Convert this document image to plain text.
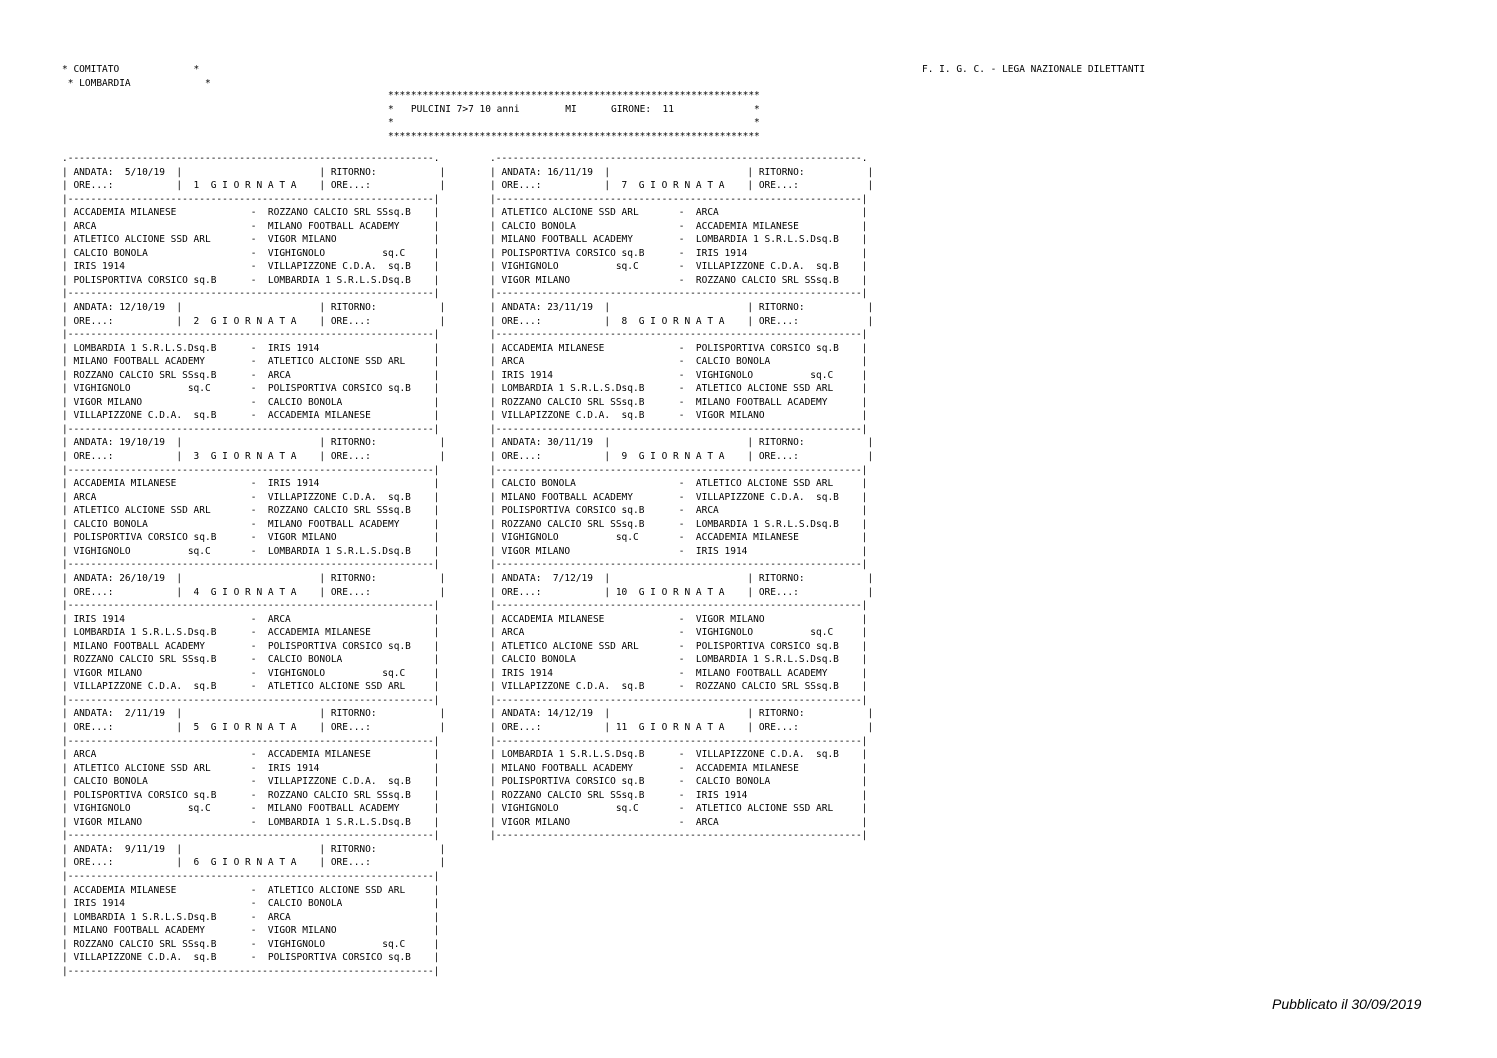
* COMITATO             *
* LOMBARDIA             *
F. I. G. C. - LEGA NAZIONALE DILETTANTI
*****************************************************************
*   PULCINI 7>7 10 anni        MI      GIRONE:  11              *
*                                                               *
*****************************************************************
.----------------------------------------------------------------.
| ANDATA:  5/10/19  |                        | RITORNO:           |
| ORE...:           |  1  G I O R N A T A    | ORE...:            |
|----------------------------------------------------------------|
| ACCADEMIA MILANESE             -  ROZZANO CALCIO SRL SSsq.B    |
| ARCA                           -  MILANO FOOTBALL ACADEMY      |
| ATLETICO ALCIONE SSD ARL       -  VIGOR MILANO                 |
| CALCIO BONOLA                  -  VIGHIGNOLO          sq.C     |
| IRIS 1914                      -  VILLAPIZZONE C.D.A.  sq.B    |
| POLISPORTIVA CORSICO sq.B      -  LOMBARDIA 1 S.R.L.S.Dsq.B    |
|----------------------------------------------------------------|
| ANDATA: 12/10/19  |                        | RITORNO:           |
| ORE...:           |  2  G I O R N A T A    | ORE...:            |
|----------------------------------------------------------------|
| LOMBARDIA 1 S.R.L.S.Dsq.B      -  IRIS 1914                    |
| MILANO FOOTBALL ACADEMY        -  ATLETICO ALCIONE SSD ARL     |
| ROZZANO CALCIO SRL SSsq.B      -  ARCA                         |
| VIGHIGNOLO          sq.C       -  POLISPORTIVA CORSICO sq.B    |
| VIGOR MILANO                   -  CALCIO BONOLA                |
| VILLAPIZZONE C.D.A.  sq.B      -  ACCADEMIA MILANESE           |
|----------------------------------------------------------------|
| ANDATA: 19/10/19  |                        | RITORNO:           |
| ORE...:           |  3  G I O R N A T A    | ORE...:            |
|----------------------------------------------------------------|
| ACCADEMIA MILANESE             -  IRIS 1914                    |
| ARCA                           -  VILLAPIZZONE C.D.A.  sq.B    |
| ATLETICO ALCIONE SSD ARL       -  ROZZANO CALCIO SRL SSsq.B    |
| CALCIO BONOLA                  -  MILANO FOOTBALL ACADEMY      |
| POLISPORTIVA CORSICO sq.B      -  VIGOR MILANO                 |
| VIGHIGNOLO          sq.C       -  LOMBARDIA 1 S.R.L.S.Dsq.B    |
|----------------------------------------------------------------|
| ANDATA: 26/10/19  |                        | RITORNO:           |
| ORE...:           |  4  G I O R N A T A    | ORE...:            |
|----------------------------------------------------------------|
| IRIS 1914                      -  ARCA                         |
| LOMBARDIA 1 S.R.L.S.Dsq.B      -  ACCADEMIA MILANESE           |
| MILANO FOOTBALL ACADEMY        -  POLISPORTIVA CORSICO sq.B    |
| ROZZANO CALCIO SRL SSsq.B      -  CALCIO BONOLA                |
| VIGOR MILANO                   -  VIGHIGNOLO          sq.C     |
| VILLAPIZZONE C.D.A.  sq.B      -  ATLETICO ALCIONE SSD ARL     |
|----------------------------------------------------------------|
| ANDATA:  2/11/19  |                        | RITORNO:           |
| ORE...:           |  5  G I O R N A T A    | ORE...:            |
|----------------------------------------------------------------|
| ARCA                           -  ACCADEMIA MILANESE           |
| ATLETICO ALCIONE SSD ARL       -  IRIS 1914                    |
| CALCIO BONOLA                  -  VILLAPIZZONE C.D.A.  sq.B    |
| POLISPORTIVA CORSICO sq.B      -  ROZZANO CALCIO SRL SSsq.B    |
| VIGHIGNOLO          sq.C       -  MILANO FOOTBALL ACADEMY      |
| VIGOR MILANO                   -  LOMBARDIA 1 S.R.L.S.Dsq.B    |
|----------------------------------------------------------------|
| ANDATA:  9/11/19  |                        | RITORNO:           |
| ORE...:           |  6  G I O R N A T A    | ORE...:            |
|----------------------------------------------------------------|
| ACCADEMIA MILANESE             -  ATLETICO ALCIONE SSD ARL     |
| IRIS 1914                      -  CALCIO BONOLA                |
| LOMBARDIA 1 S.R.L.S.Dsq.B      -  ARCA                         |
| MILANO FOOTBALL ACADEMY        -  VIGOR MILANO                 |
| ROZZANO CALCIO SRL SSsq.B      -  VIGHIGNOLO          sq.C     |
| VILLAPIZZONE C.D.A.  sq.B      -  POLISPORTIVA CORSICO sq.B    |
|----------------------------------------------------------------|
.----------------------------------------------------------------.
| ANDATA: 16/11/19  |                        | RITORNO:           |
| ORE...:           |  7  G I O R N A T A    | ORE...:            |
|----------------------------------------------------------------|
| ATLETICO ALCIONE SSD ARL       -  ARCA                         |
| CALCIO BONOLA                  -  ACCADEMIA MILANESE           |
| MILANO FOOTBALL ACADEMY        -  LOMBARDIA 1 S.R.L.S.Dsq.B    |
| POLISPORTIVA CORSICO sq.B      -  IRIS 1914                    |
| VIGHIGNOLO          sq.C       -  VILLAPIZZONE C.D.A.  sq.B    |
| VIGOR MILANO                   -  ROZZANO CALCIO SRL SSsq.B    |
|----------------------------------------------------------------|
| ANDATA: 23/11/19  |                        | RITORNO:           |
| ORE...:           |  8  G I O R N A T A    | ORE...:            |
|----------------------------------------------------------------|
| ACCADEMIA MILANESE             -  POLISPORTIVA CORSICO sq.B    |
| ARCA                           -  CALCIO BONOLA                |
| IRIS 1914                      -  VIGHIGNOLO          sq.C     |
| LOMBARDIA 1 S.R.L.S.Dsq.B      -  ATLETICO ALCIONE SSD ARL     |
| ROZZANO CALCIO SRL SSsq.B      -  MILANO FOOTBALL ACADEMY      |
| VILLAPIZZONE C.D.A.  sq.B      -  VIGOR MILANO                 |
|----------------------------------------------------------------|
| ANDATA: 30/11/19  |                        | RITORNO:           |
| ORE...:           |  9  G I O R N A T A    | ORE...:            |
|----------------------------------------------------------------|
| CALCIO BONOLA                  -  ATLETICO ALCIONE SSD ARL     |
| MILANO FOOTBALL ACADEMY        -  VILLAPIZZONE C.D.A.  sq.B    |
| POLISPORTIVA CORSICO sq.B      -  ARCA                         |
| ROZZANO CALCIO SRL SSsq.B      -  LOMBARDIA 1 S.R.L.S.Dsq.B    |
| VIGHIGNOLO          sq.C       -  ACCADEMIA MILANESE           |
| VIGOR MILANO                   -  IRIS 1914                    |
|----------------------------------------------------------------|
| ANDATA:  7/12/19  |                        | RITORNO:           |
| ORE...:           | 10  G I O R N A T A    | ORE...:            |
|----------------------------------------------------------------|
| ACCADEMIA MILANESE             -  VIGOR MILANO                 |
| ARCA                           -  VIGHIGNOLO          sq.C     |
| ATLETICO ALCIONE SSD ARL       -  POLISPORTIVA CORSICO sq.B    |
| CALCIO BONOLA                  -  LOMBARDIA 1 S.R.L.S.Dsq.B    |
| IRIS 1914                      -  MILANO FOOTBALL ACADEMY      |
| VILLAPIZZONE C.D.A.  sq.B      -  ROZZANO CALCIO SRL SSsq.B    |
|----------------------------------------------------------------|
| ANDATA: 14/12/19  |                        | RITORNO:           |
| ORE...:           | 11  G I O R N A T A    | ORE...:            |
|----------------------------------------------------------------|
| LOMBARDIA 1 S.R.L.S.Dsq.B      -  VILLAPIZZONE C.D.A.  sq.B    |
| MILANO FOOTBALL ACADEMY        -  ACCADEMIA MILANESE           |
| POLISPORTIVA CORSICO sq.B      -  CALCIO BONOLA                |
| ROZZANO CALCIO SRL SSsq.B      -  IRIS 1914                    |
| VIGHIGNOLO          sq.C       -  ATLETICO ALCIONE SSD ARL     |
| VIGOR MILANO                   -  ARCA                         |
|----------------------------------------------------------------|
Pubblicato il 30/09/2019
